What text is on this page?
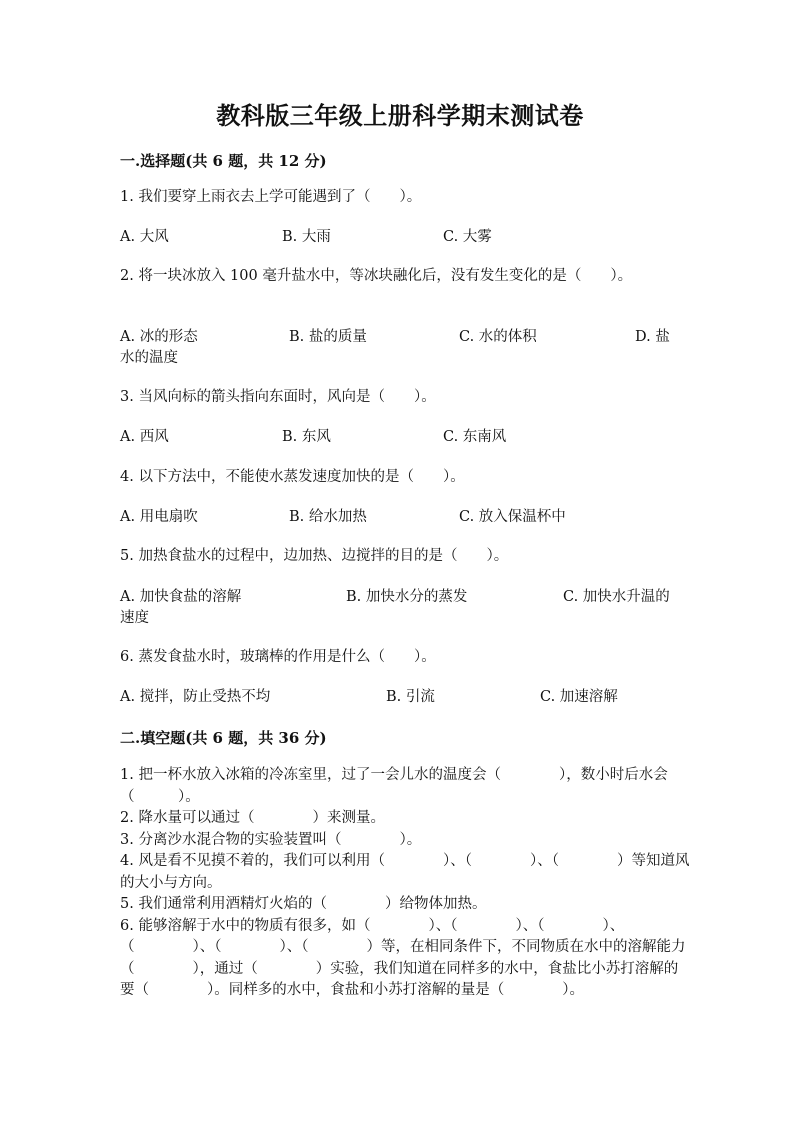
教科版三年级上册科学期末测试卷
一.选择题(共 6 题，共 12 分)
1. 我们要穿上雨衣去上学可能遇到了（　　）。
A. 大风	B. 大雨	C. 大雾
2. 将一块冰放入 100 毫升盐水中，等冰块融化后，没有发生变化的是（　　）。
A. 冰的形态	B. 盐的质量	C. 水的体积	D. 盐
水的温度
3. 当风向标的箭头指向东面时，风向是（　　）。
A. 西风	B. 东风	C. 东南风
4. 以下方法中，不能使水蒸发速度加快的是（　　）。
A. 用电扇吹	B. 给水加热	C. 放入保温杯中
5. 加热食盐水的过程中，边加热、边搅拌的目的是（　　）。
A. 加快食盐的溶解	B. 加快水分的蒸发	C. 加快水升温的
速度
6. 蒸发食盐水时，玻璃棒的作用是什么（　　）。
A. 搅拌，防止受热不均	B. 引流	C. 加速溶解
二.填空题(共 6 题，共 36 分)

1. 把一杯水放入冰箱的冷冻室里，过了一会儿水的温度会（　　　　），数小时后水会（　　　）。

2. 降水量可以通过（　　　　）来测量。

3. 分离沙水混合物的实验装置叫（　　　　）。

4. 风是看不见摸不着的，我们可以利用（　　　　）、（　　　　）、（　　　　）等知道风的大小与方向。

5. 我们通常利用酒精灯火焰的（　　　　）给物体加热。

6. 能够溶解于水中的物质有很多，如（　　　　）、（　　　　）、（　　　　）、（　　　　）、（　　　　）、（　　　　）等，在相同条件下，不同物质在水中的溶解能力（　　　　），通过（　　　　）实验，我们知道在同样多的水中，食盐比小苏打溶解的要（　　　　）。同样多的水中，食盐和小苏打溶解的量是（　　　　）。
